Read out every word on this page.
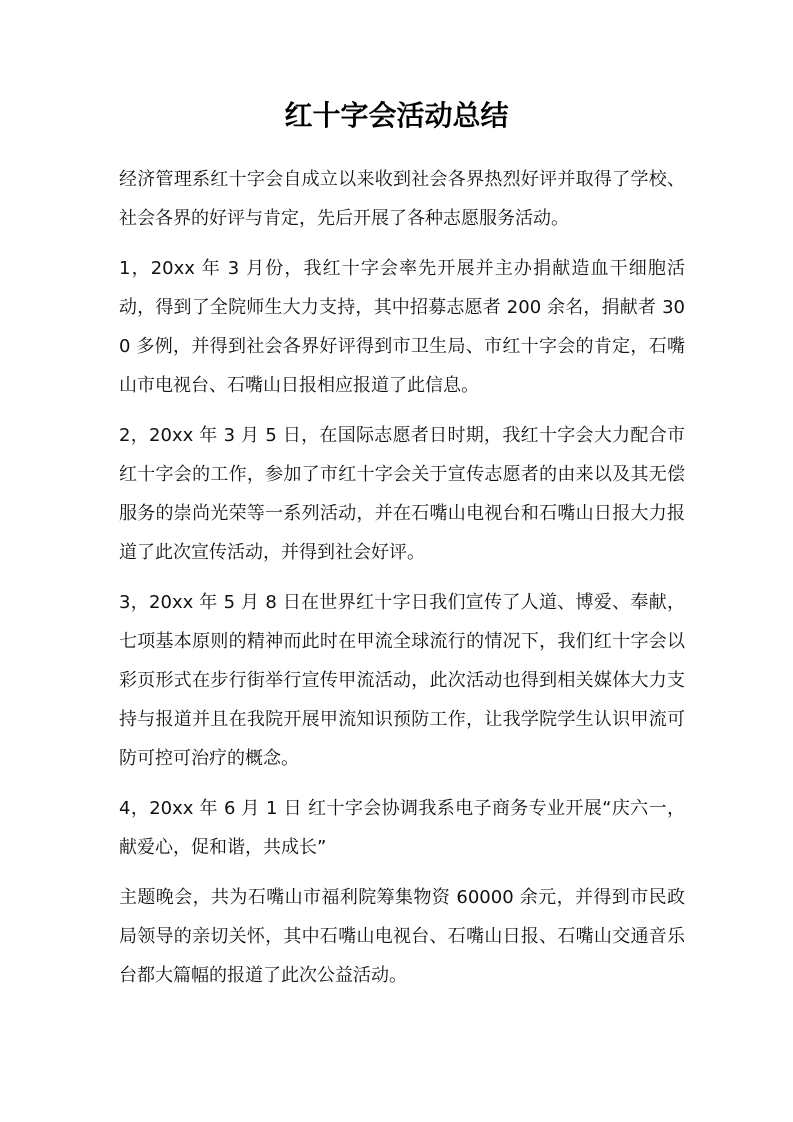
红十字会活动总结

经济管理系红十字会自成立以来收到社会各界热烈好评并取得了学校、社会各界的好评与肯定，先后开展了各种志愿服务活动。

1，20xx 年 3 月份，我红十字会率先开展并主办捐献造血干细胞活动，得到了全院师生大力支持，其中招募志愿者 200 余名，捐献者 300 多例，并得到社会各界好评得到市卫生局、市红十字会的肯定，石嘴山市电视台、石嘴山日报相应报道了此信息。

2，20xx 年 3 月 5 日，在国际志愿者日时期，我红十字会大力配合市红十字会的工作，参加了市红十字会关于宣传志愿者的由来以及其无偿服务的崇尚光荣等一系列活动，并在石嘴山电视台和石嘴山日报大力报道了此次宣传活动，并得到社会好评。

3，20xx 年 5 月 8 日在世界红十字日我们宣传了人道、博爱、奉献，七项基本原则的精神而此时在甲流全球流行的情况下，我们红十字会以彩页形式在步行街举行宣传甲流活动，此次活动也得到相关媒体大力支持与报道并且在我院开展甲流知识预防工作，让我学院学生认识甲流可防可控可治疗的概念。

4，20xx 年 6 月 1 日 红十字会协调我系电子商务专业开展“庆六一，献爱心，促和谐，共成长”

主题晚会，共为石嘴山市福利院筹集物资 60000 余元，并得到市民政局领导的亲切关怀，其中石嘴山电视台、石嘴山日报、石嘴山交通音乐台都大篇幅的报道了此次公益活动。
